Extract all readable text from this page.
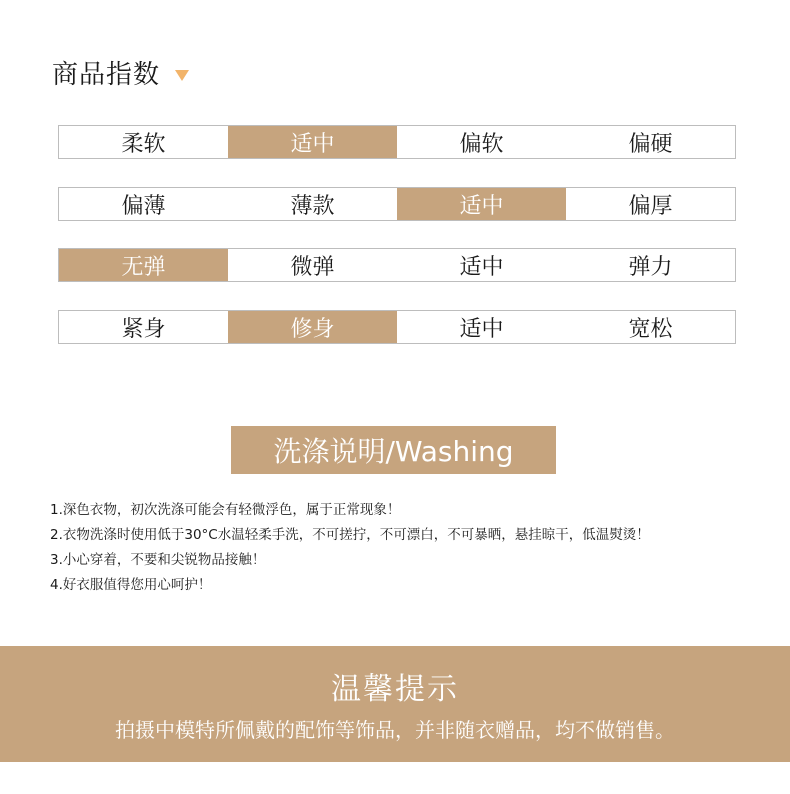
商品指数
柔软	适中	偏软	偏硬
偏薄	薄款	适中	偏厚
无弹	微弹	适中	弹力
紧身	修身	适中	宽松
洗涤说明/Washing
1.深色衣物，初次洗涤可能会有轻微浮色，属于正常现象！
2.衣物洗涤时使用低于30°C水温轻柔手洗，不可搓拧，不可漂白，不可暴晒，悬挂晾干，低温熨烫！
3.小心穿着，不要和尖锐物品接触！
4.好衣服值得您用心呵护！
温馨提示
拍摄中模特所佩戴的配饰等饰品，并非随衣赠品，均不做销售。
